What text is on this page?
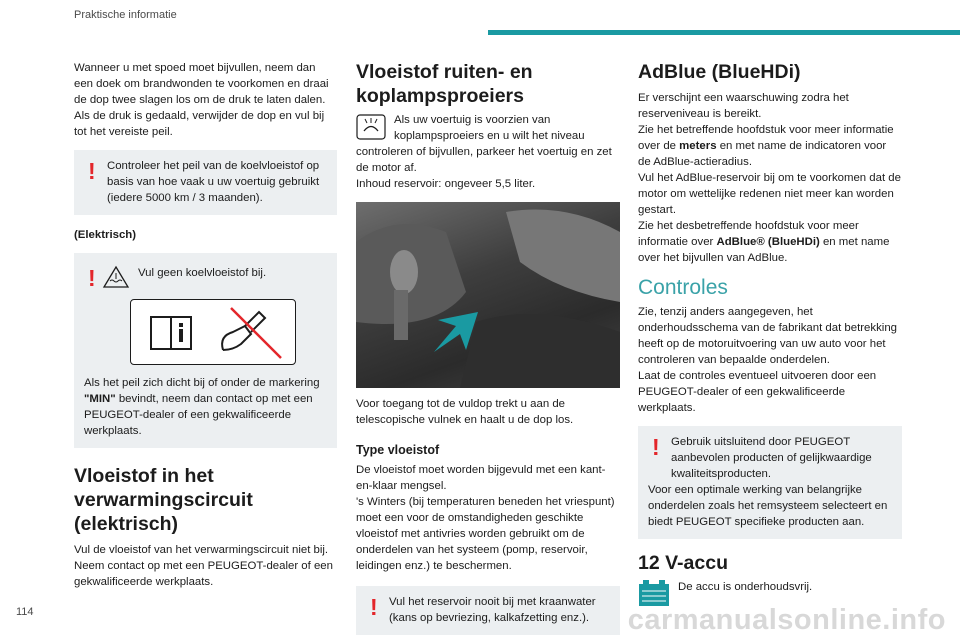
Praktische informatie

Wanneer u met spoed moet bijvullen, neem dan een doek om brandwonden te voorkomen en draai de dop twee slagen los om de druk te laten dalen.

Als de druk is gedaald, verwijder de dop en vul bij tot het vereiste peil.

! Controleer het peil van de koelvloeistof op basis van hoe vaak u uw voertuig gebruikt (iedere 5000 km / 3 maanden).

(Elektrisch)

!	Vul geen koelvloeistof bij.

Als het peil zich dicht bij of onder de markering "MIN" bevindt, neem dan contact op met een PEUGEOT-dealer of een gekwalificeerde werkplaats.

Vloeistof in het
verwarmingscircuit
(elektrisch)

Vul de vloeistof van het verwarmingscircuit niet bij. Neem contact op met een PEUGEOT-dealer of een gekwalificeerde werkplaats.

Vloeistof ruiten- en
koplampsproeiers

Als uw voertuig is voorzien van koplampsproeiers en u wilt het niveau controleren of bijvullen, parkeer het voertuig en zet de motor af.

Inhoud reservoir: ongeveer 5,5 liter.

Voor toegang tot de vuldop trekt u aan de telescopische vulnek en haalt u de dop los.

Type vloeistof

De vloeistof moet worden bijgevuld met een kant-en-klaar mengsel.

's Winters (bij temperaturen beneden het vriespunt) moet een voor de omstandigheden geschikte vloeistof met antivries worden gebruikt om de onderdelen van het systeem (pomp, reservoir, leidingen enz.) te beschermen.

! Vul het reservoir nooit bij met kraanwater (kans op bevriezing, kalkafzetting enz.).

AdBlue (BlueHDi)

Er verschijnt een waarschuwing zodra het reserveniveau is bereikt.

Zie het betreffende hoofdstuk voor meer informatie over de meters en met name de indicatoren voor de AdBlue-actieradius.

Vul het AdBlue-reservoir bij om te voorkomen dat de motor om wettelijke redenen niet meer kan worden gestart.

Zie het desbetreffende hoofdstuk voor meer informatie over AdBlue® (BlueHDi) en met name over het bijvullen van AdBlue.

Controles

Zie, tenzij anders aangegeven, het onderhoudsschema van de fabrikant dat betrekking heeft op de motoruitvoering van uw auto voor het controleren van bepaalde onderdelen.

Laat de controles eventueel uitvoeren door een PEUGEOT-dealer of een gekwalificeerde werkplaats.

! Gebruik uitsluitend door PEUGEOT aanbevolen producten of gelijkwaardige kwaliteitsproducten.

Voor een optimale werking van belangrijke onderdelen zoals het remsysteem selecteert en biedt PEUGEOT specifieke producten aan.

12 V-accu

De accu is onderhoudsvrij.

114	carmanualsonline.info
